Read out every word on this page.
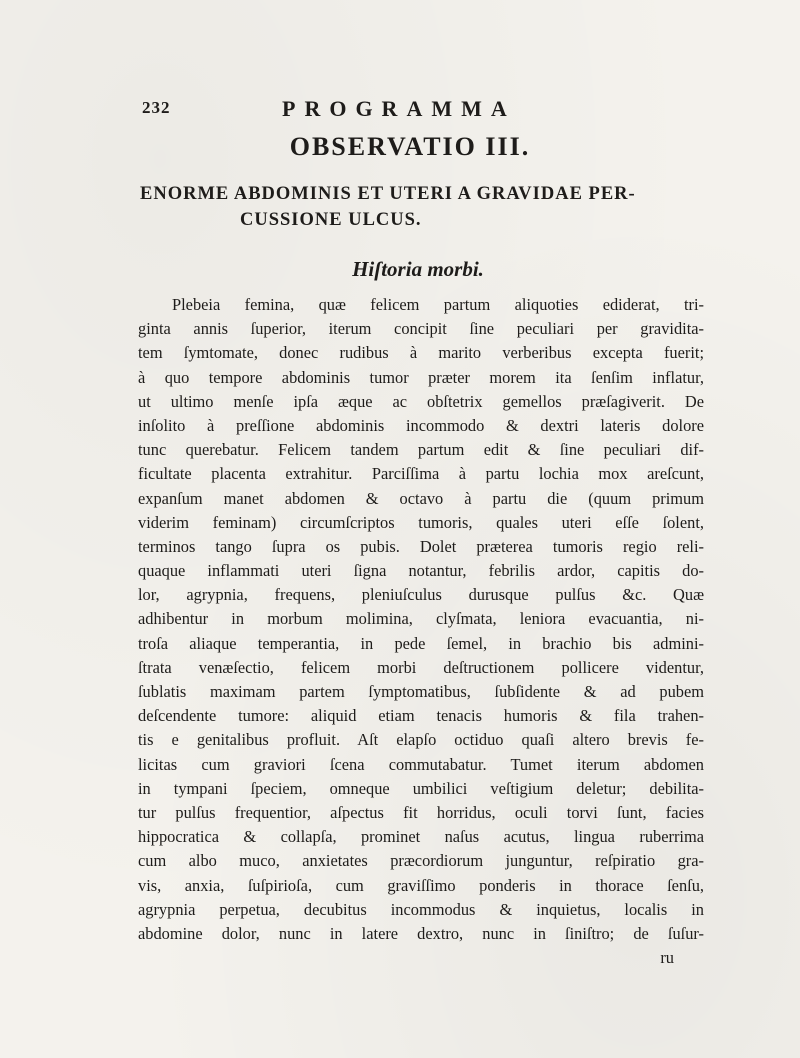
232	PROGRAMMA
OBSERVATIO III.
ENORME ABDOMINIS ET UTERI A GRAVIDAE PER-
CUSSIONE ULCUS.
Hiſtoria morbi.
Plebeia femina, quæ felicem partum aliquoties ediderat, tri-
ginta annis ſuperior, iterum concipit ſine peculiari per gravidita-
tem ſymtomate, donec rudibus à marito verberibus excepta fuerit;
à quo tempore abdominis tumor præter morem ita ſenſim inflatur,
ut ultimo menſe ipſa æque ac obſtetrix gemellos præſagiverit. De
inſolito à preſſione abdominis incommodo & dextri lateris dolore
tunc querebatur. Felicem tandem partum edit & ſine peculiari dif-
ficultate placenta extrahitur. Parciſſima à partu lochia mox areſcunt,
expanſum manet abdomen & octavo à partu die (quum primum
viderim feminam) circumſcriptos tumoris, quales uteri eſſe ſolent,
terminos tango ſupra os pubis. Dolet præterea tumoris regio reli-
quaque inflammati uteri ſigna notantur, febrilis ardor, capitis do-
lor, agrypnia, frequens, pleniuſculus durusque pulſus &c. Quæ
adhibentur in morbum molimina, clyſmata, leniora evacuantia, ni-
troſa aliaque temperantia, in pede ſemel, in brachio bis admini-
ſtrata venæſectio, felicem morbi deſtructionem pollicere videntur,
ſublatis maximam partem ſymptomatibus, ſubſidente & ad pubem
deſcendente tumore: aliquid etiam tenacis humoris & fila trahen-
tis e genitalibus profluit. Aſt elapſo octiduo quaſi altero brevis fe-
licitas cum graviori ſcena commutabatur. Tumet iterum abdomen
in tympani ſpeciem, omneque umbilici veſtigium deletur; debilita-
tur pulſus frequentior, aſpectus fit horridus, oculi torvi ſunt, facies
hippocratica & collapſa, prominet naſus acutus, lingua ruberrima
cum albo muco, anxietates præcordiorum junguntur, reſpiratio gra-
vis, anxia, ſuſpirioſa, cum graviſſimo ponderis in thorace ſenſu,
agrypnia perpetua, decubitus incommodus & inquietus, localis in
abdomine dolor, nunc in latere dextro, nunc in ſiniſtro; de ſuſur-
ru
